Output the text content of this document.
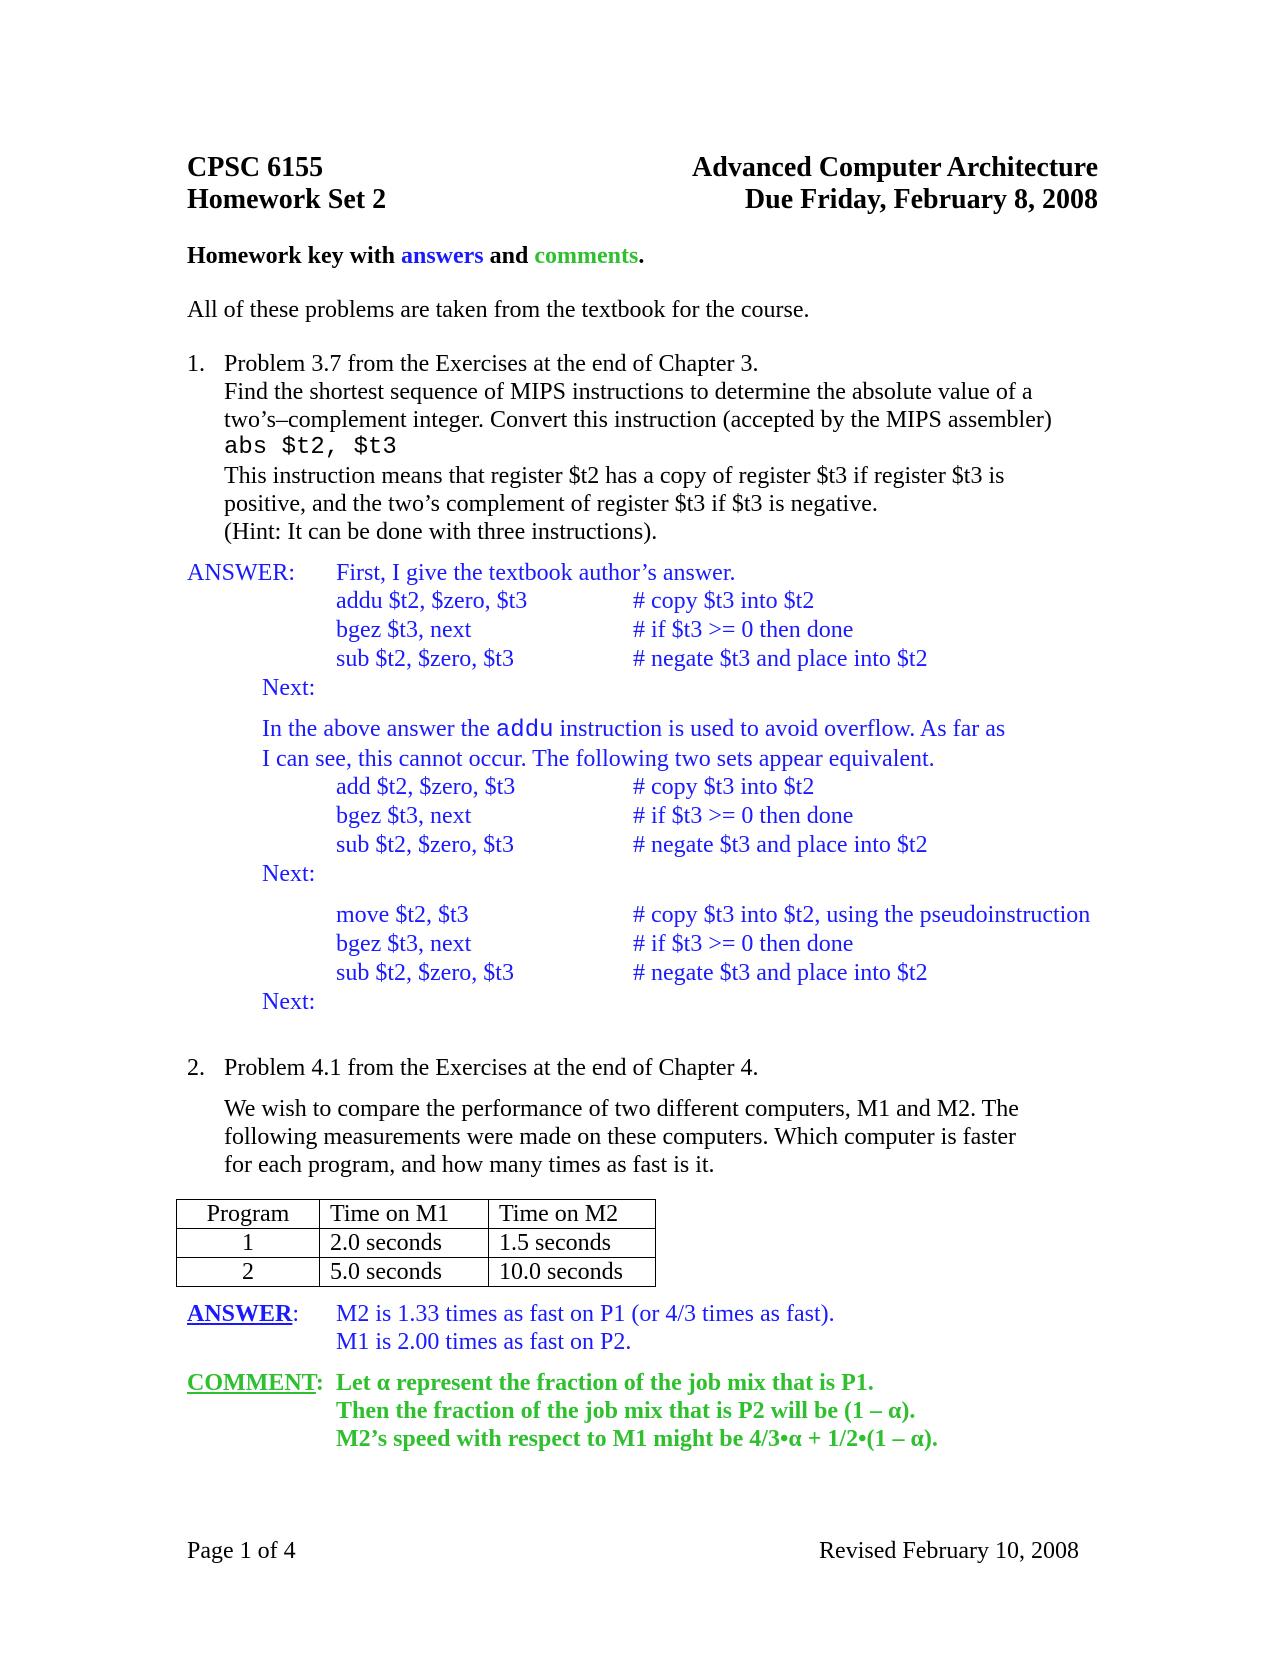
CPSC 6155
Homework Set 2
Advanced Computer Architecture
Due Friday, February 8, 2008
Homework key with answers and comments.
All of these problems are taken from the textbook for the course.
1. Problem 3.7 from the Exercises at the end of Chapter 3.
Find the shortest sequence of MIPS instructions to determine the absolute value of a
two’s–complement integer. Convert this instruction (accepted by the MIPS assembler)
abs $t2, $t3
This instruction means that register $t2 has a copy of register $t3 if register $t3 is
positive, and the two’s complement of register $t3 if $t3 is negative.
(Hint: It can be done with three instructions).
ANSWER: First, I give the textbook author’s answer.
addu $t2, $zero, $t3	# copy $t3 into $t2
bgez $t3, next	# if $t3 >= 0 then done
sub $t2, $zero, $t3	# negate $t3 and place into $t2
Next:
In the above answer the addu instruction is used to avoid overflow. As far as
I can see, this cannot occur. The following two sets appear equivalent.
add $t2, $zero, $t3	# copy $t3 into $t2
bgez $t3, next	# if $t3 >= 0 then done
sub $t2, $zero, $t3	# negate $t3 and place into $t2
Next:
move $t2, $t3	# copy $t3 into $t2, using the pseudoinstruction
bgez $t3, next	# if $t3 >= 0 then done
sub $t2, $zero, $t3	# negate $t3 and place into $t2
Next:
2. Problem 4.1 from the Exercises at the end of Chapter 4.
We wish to compare the performance of two different computers, M1 and M2. The
following measurements were made on these computers. Which computer is faster
for each program, and how many times as fast is it.
Program	Time on M1	Time on M2
1	2.0 seconds	1.5 seconds
2	5.0 seconds	10.0 seconds
ANSWER: M2 is 1.33 times as fast on P1 (or 4/3 times as fast).
M1 is 2.00 times as fast on P2.
COMMENT: Let α represent the fraction of the job mix that is P1.
Then the fraction of the job mix that is P2 will be (1 – α).
M2’s speed with respect to M1 might be 4/3•α + 1/2•(1 – α).
Page 1 of 4	Revised February 10, 2008
